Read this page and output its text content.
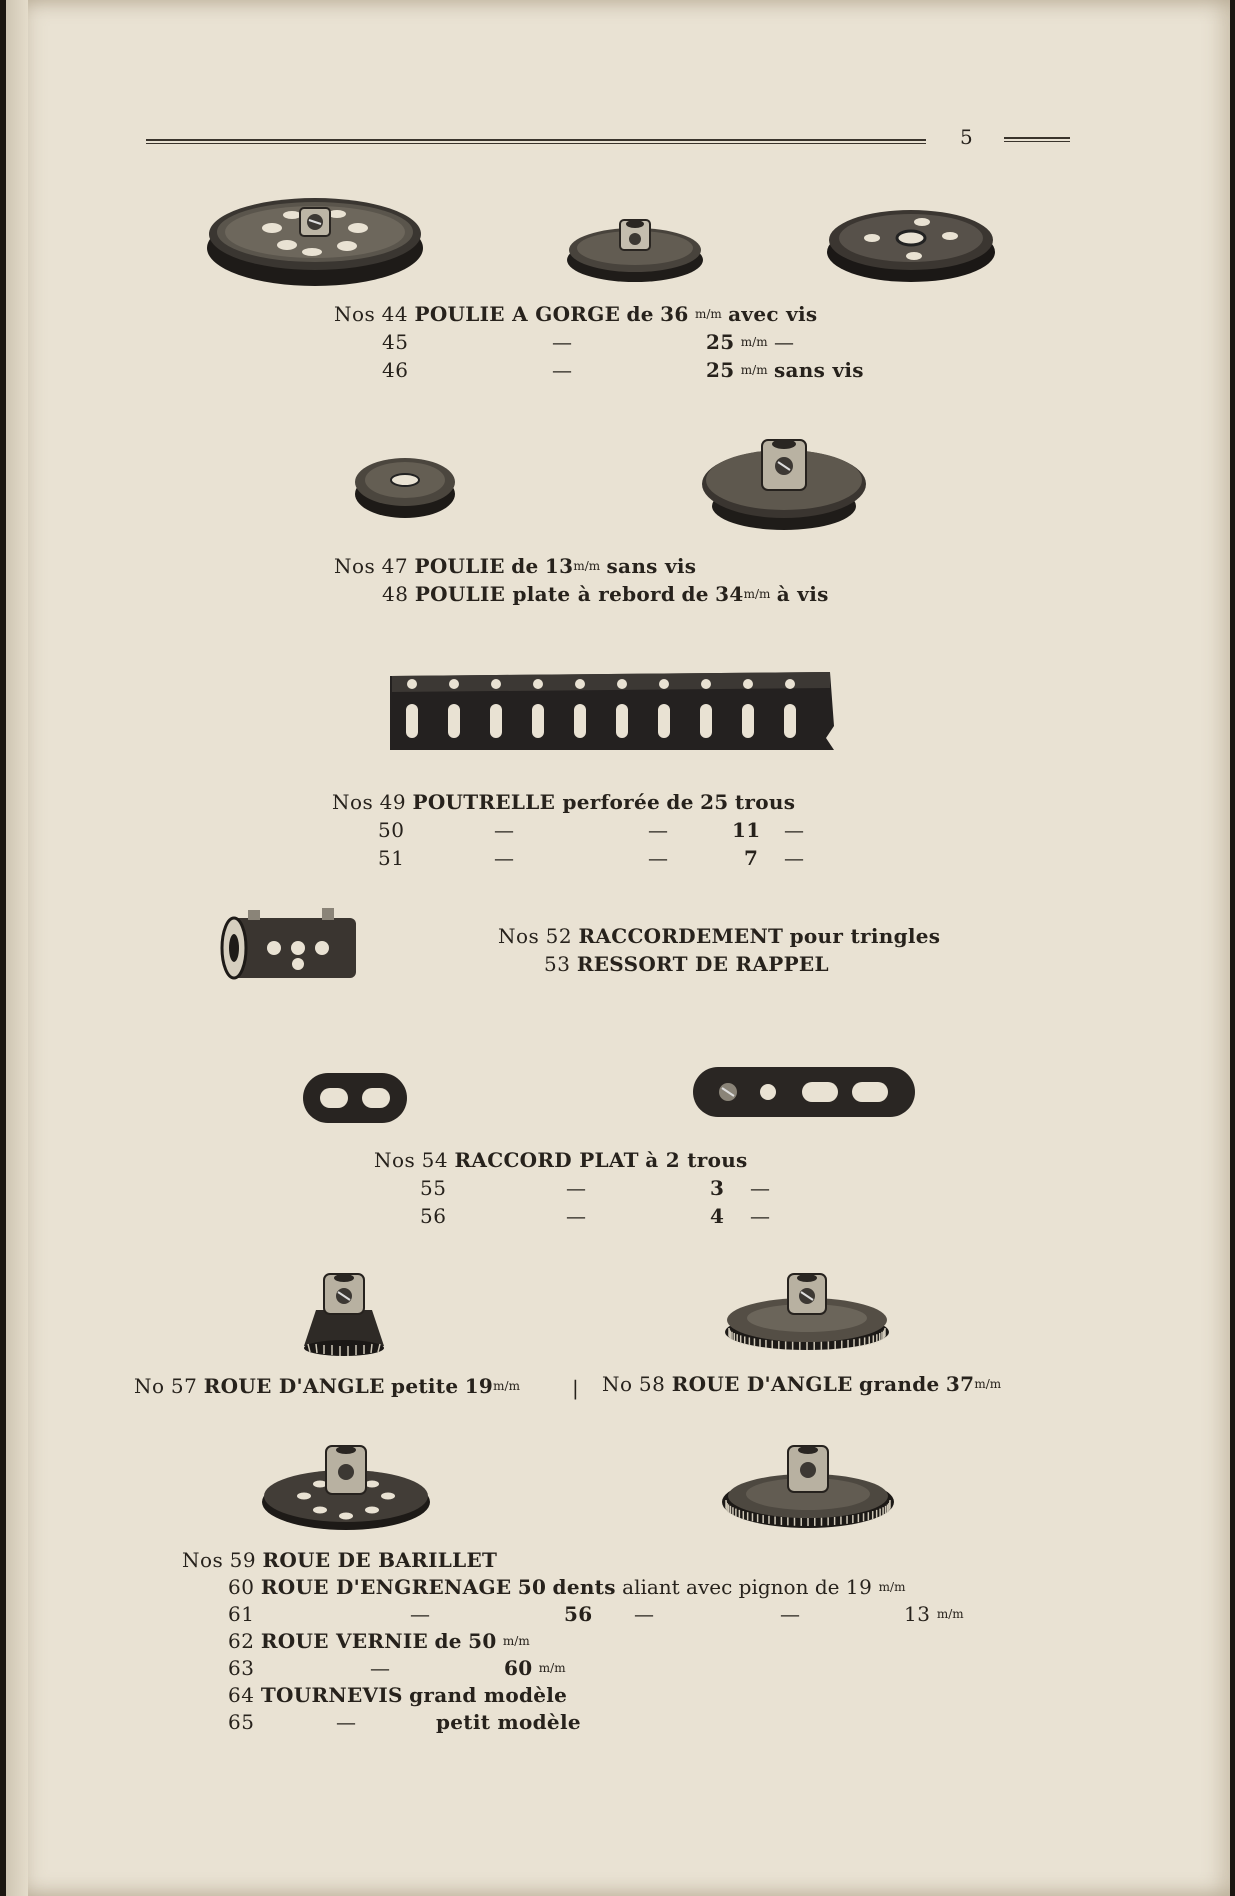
5
Nos 44 POULIE A GORGE de 36 m/m avec vis
45	—	25 m/m —
46	—	25 m/m sans vis
Nos 47 POULIE de 13m/m sans vis
48 POULIE plate à rebord de 34m/m à vis
Nos 49 POUTRELLE perforée de 25 trous
50	—	—	11 —
51	—	—	7 —
Nos 52 RACCORDEMENT pour tringles
53 RESSORT DE RAPPEL
Nos 54 RACCORD PLAT à 2 trous
55	—	3 —
56	—	4 —
No 57 ROUE D'ANGLE petite 19m/m	| No 58 ROUE D'ANGLE grande 37m/m
Nos 59 ROUE DE BARILLET
60 ROUE D'ENGRENAGE 50 dents aliant avec pignon de 19 m/m
61	—	56 —	—	13 m/m
62 ROUE VERNIE de 50 m/m
63	—	60 m/m
64 TOURNEVIS grand modèle
65	—	petit modèle
